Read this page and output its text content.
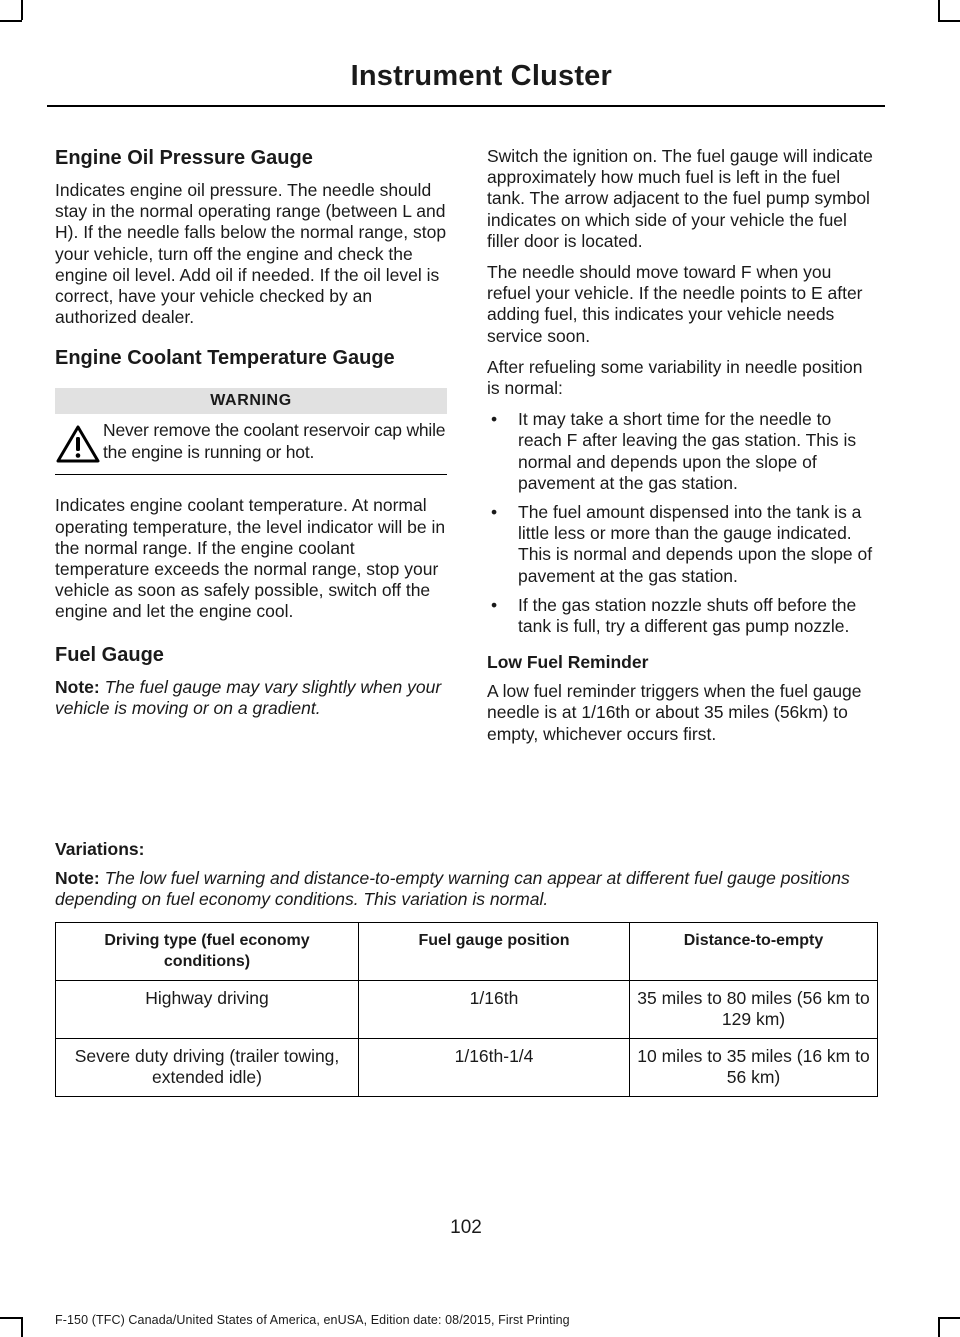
Instrument Cluster
Engine Oil Pressure Gauge

Indicates engine oil pressure. The needle should stay in the normal operating range (between L and H). If the needle falls below the normal range, stop your vehicle, turn off the engine and check the engine oil level. Add oil if needed. If the oil level is correct, have your vehicle checked by an authorized dealer.

Engine Coolant Temperature Gauge
WARNING

Never remove the coolant reservoir cap while the engine is running or hot.

Indicates engine coolant temperature. At normal operating temperature, the level indicator will be in the normal range. If the engine coolant temperature exceeds the normal range, stop your vehicle as soon as safely possible, switch off the engine and let the engine cool.

Fuel Gauge

Note: The fuel gauge may vary slightly when your vehicle is moving or on a gradient.

Switch the ignition on. The fuel gauge will indicate approximately how much fuel is left in the fuel tank. The arrow adjacent to the fuel pump symbol indicates on which side of your vehicle the fuel filler door is located.

The needle should move toward F when you refuel your vehicle. If the needle points to E after adding fuel, this indicates your vehicle needs service soon.

After refueling some variability in needle position is normal:

• It may take a short time for the needle to reach F after leaving the gas station. This is normal and depends upon the slope of pavement at the gas station.
• The fuel amount dispensed into the tank is a little less or more than the gauge indicated. This is normal and depends upon the slope of pavement at the gas station.
• If the gas station nozzle shuts off before the tank is full, try a different gas pump nozzle.
Low Fuel Reminder

A low fuel reminder triggers when the fuel gauge needle is at 1/16th or about 35 miles (56km) to empty, whichever occurs first.

Variations:

Note: The low fuel warning and distance-to-empty warning can appear at different fuel gauge positions depending on fuel economy conditions. This variation is normal.

Driving type (fuel economy conditions)	Fuel gauge position	Distance-to-empty
Highway driving	1/16th	35 miles to 80 miles (56 km to 129 km)
Severe duty driving (trailer towing, extended idle)	1/16th-1/4	10 miles to 35 miles (16 km to 56 km)
102
F-150 (TFC) Canada/United States of America, enUSA, Edition date: 08/2015, First Printing
